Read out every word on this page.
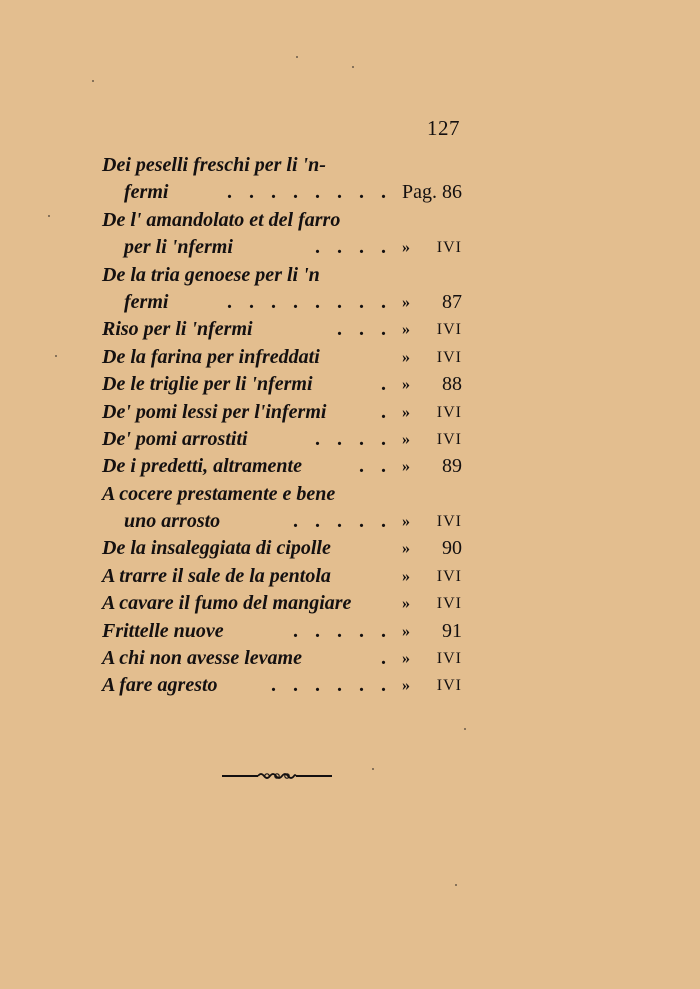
127
Dei peselli freschi per li 'n-
fermi	. . . . . . . . Pag. 86
De l' amandolato et del farro
per li 'nfermi	. . . . »	IVI
De la tria genoese per li 'n
fermi	. . . . . . . . »	87
Riso per li 'nfermi	. . . »	IVI
De la farina per infreddati	»	IVI
De le triglie per li 'nfermi	. »	88
De' pomi lessi per l'infermi	. »	IVI
De' pomi arrostiti	. . . . »	IVI
De i predetti, altramente	. . »	89
A cocere prestamente e bene
uno arrosto	. . . . . »	IVI
De la insaleggiata di cipolle	»	90
A trarre il sale de la pentola	»	IVI
A cavare il fumo del mangiare	»	IVI
Frittelle nuove	. . . . . »	91
A chi non avesse levame	. »	IVI
A fare agresto	. . . . . . »	IVI
